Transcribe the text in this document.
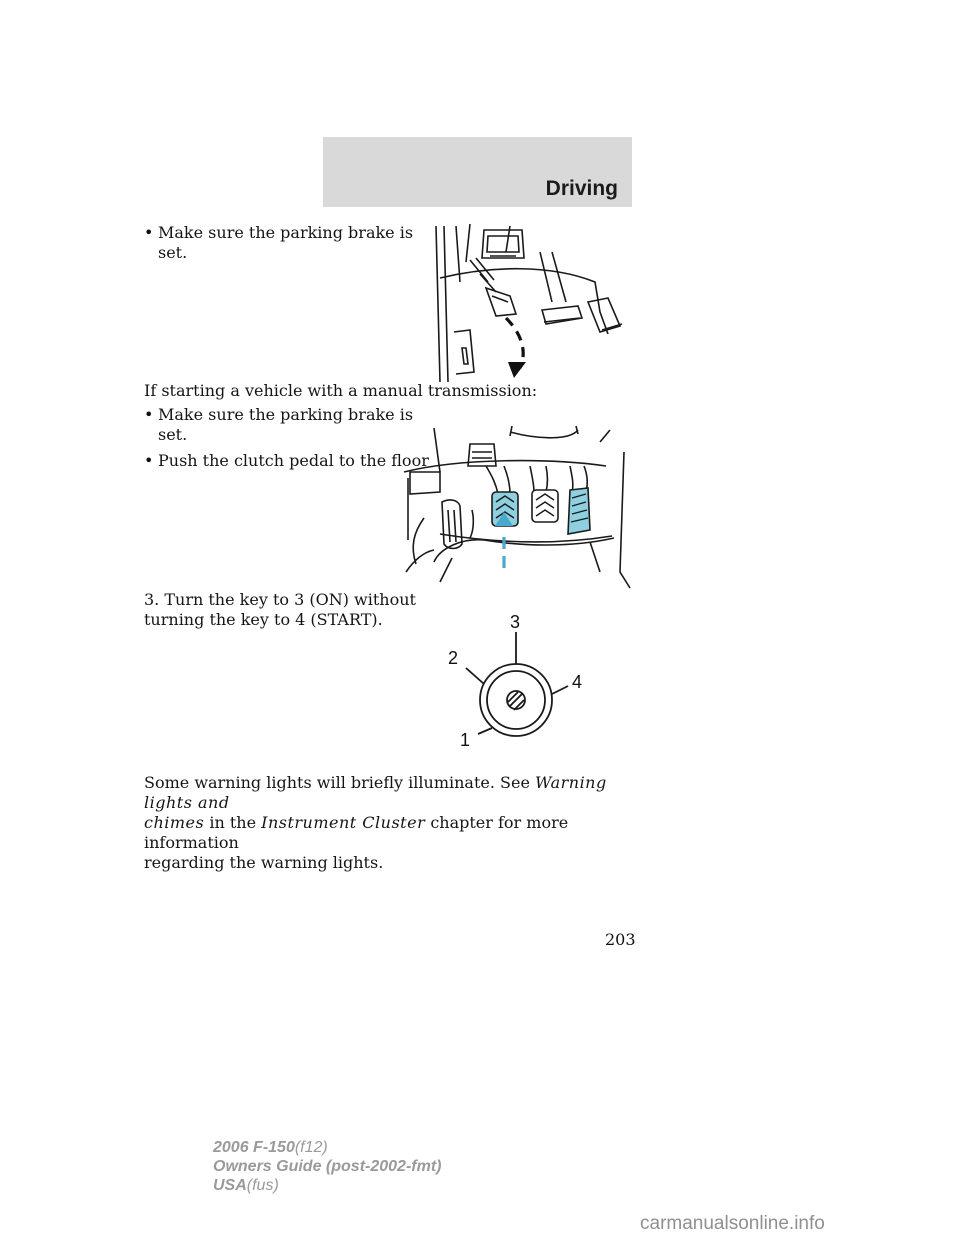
Driving
• Make sure the parking brake is
set.
If starting a vehicle with a manual transmission:
• Make sure the parking brake is
set.
• Push the clutch pedal to the floor
3. Turn the key to 3 (ON) without
turning the key to 4 (START).	3
2
4
1
Some warning lights will briefly illuminate. See Warning lights and
chimes in the Instrument Cluster chapter for more information
regarding the warning lights.
203
2006 F-150(f12)
Owners Guide (post-2002-fmt)
USA(fus)
carmanualsonline.info
